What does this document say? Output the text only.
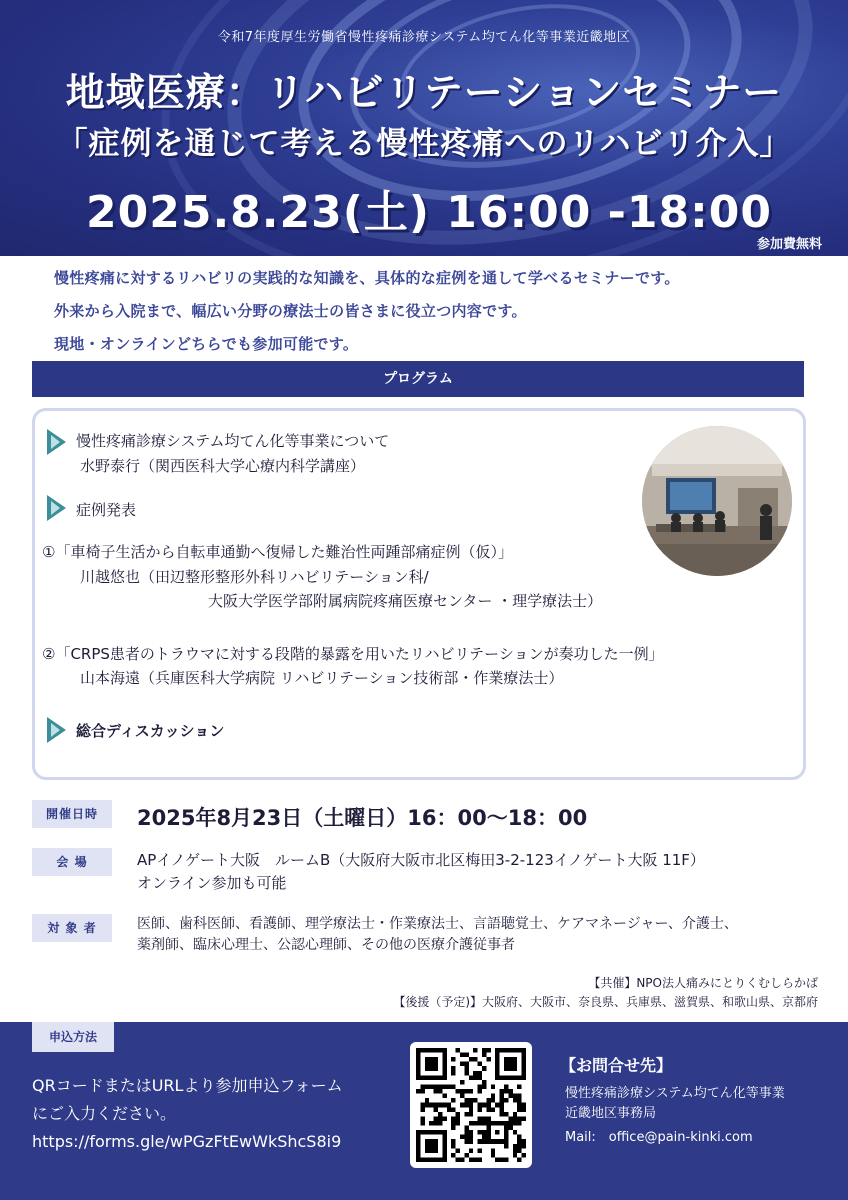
令和7年度厚生労働省慢性疼痛診療システム均てん化等事業近畿地区
地域医療：リハビリテーションセミナー
「症例を通じて考える慢性疼痛へのリハビリ介入」
2025.8.23(土) 16:00 -18:00
参加費無料

慢性疼痛に対するリハビリの実践的な知識を、具体的な症例を通して学べるセミナーです。

外来から入院まで、幅広い分野の療法士の皆さまに役立つ内容です。

現地・オンラインどちらでも参加可能です。

プログラム
慢性疼痛診療システム均てん化等事業について
水野泰行（関西医科大学心療内科学講座）
症例発表
①「車椅子生活から自転車通勤へ復帰した難治性両踵部痛症例（仮）」
川越悠也（田辺整形整形外科リハビリテーション科/
大阪大学医学部附属病院疼痛医療センター ・理学療法士）
②「CRPS患者のトラウマに対する段階的暴露を用いたリハビリテーションが奏功した一例」
山本海遠（兵庫医科大学病院 リハビリテーション技術部・作業療法士）
総合ディスカッション
開催日時	2025年8月23日（土曜日）16：00～18：00
会 場	APイノゲート大阪　ルームB（大阪府大阪市北区梅田3-2-123イノゲート大阪 11F）
オンライン参加も可能
対 象 者	医師、歯科医師、看護師、理学療法士・作業療法士、言語聴覚士、ケアマネージャー、介護士、
薬剤師、臨床心理士、公認心理師、その他の医療介護従事者
【共催】NPO法人痛みにとりくむしらかば
【後援（予定)】大阪府、大阪市、奈良県、兵庫県、滋賀県、和歌山県、京都府
申込方法
QRコードまたはURLより参加申込フォーム
にご入力ください。
https://forms.gle/wPGzFtEwWkShcS8i9
【お問合せ先】
慢性疼痛診療システム均てん化等事業
近畿地区事務局
Mail:　office@pain-kinki.com
